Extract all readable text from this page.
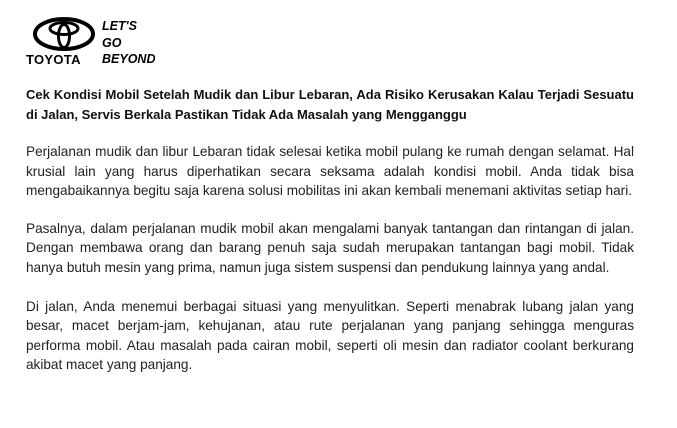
TOYOTA
LET'S
GO
BEYOND
Cek Kondisi Mobil Setelah Mudik dan Libur Lebaran, Ada Risiko Kerusakan Kalau Terjadi Sesuatu di Jalan, Servis Berkala Pastikan Tidak Ada Masalah yang Mengganggu

Perjalanan mudik dan libur Lebaran tidak selesai ketika mobil pulang ke rumah dengan selamat. Hal krusial lain yang harus diperhatikan secara seksama adalah kondisi mobil. Anda tidak bisa mengabaikannya begitu saja karena solusi mobilitas ini akan kembali menemani aktivitas setiap hari.

Pasalnya, dalam perjalanan mudik mobil akan mengalami banyak tantangan dan rintangan di jalan. Dengan membawa orang dan barang penuh saja sudah merupakan tantangan bagi mobil. Tidak hanya butuh mesin yang prima, namun juga sistem suspensi dan pendukung lainnya yang andal.

Di jalan, Anda menemui berbagai situasi yang menyulitkan. Seperti menabrak lubang jalan yang besar, macet berjam-jam, kehujanan, atau rute perjalanan yang panjang sehingga menguras performa mobil. Atau masalah pada cairan mobil, seperti oli mesin dan radiator coolant berkurang akibat macet yang panjang.
